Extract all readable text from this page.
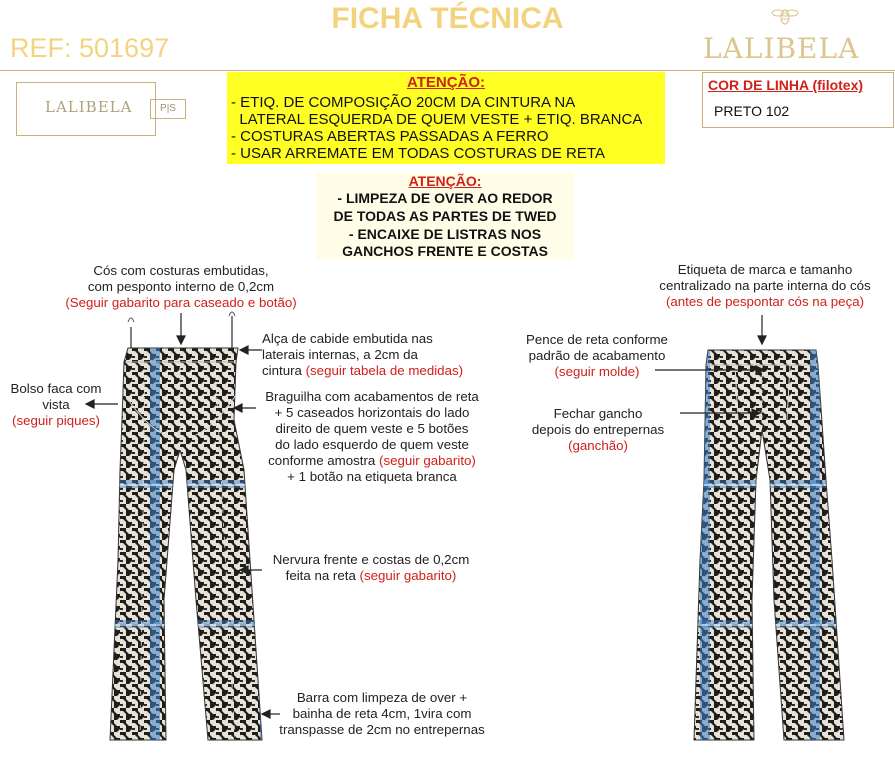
FICHA TÉCNICA
REF: 501697	LALIBELA
LALIBELA	P|S
ATENÇÃO:
- ETIQ. DE COMPOSIÇÃO 20CM DA CINTURA NA
LATERAL ESQUERDA DE QUEM VESTE + ETIQ. BRANCA
- COSTURAS ABERTAS PASSADAS A FERRO
- USAR ARREMATE EM TODAS COSTURAS DE RETA
COR DE LINHA (filotex)
PRETO 102
ATENÇÃO:
- LIMPEZA DE OVER AO REDOR
DE TODAS AS PARTES DE TWED
- ENCAIXE DE LISTRAS NOS
GANCHOS FRENTE E COSTAS
Cós com costuras embutidas,
com pesponto interno de 0,2cm
(Seguir gabarito para caseado e botão)
Alça de cabide embutida nas
laterais internas, a 2cm da
cintura (seguir tabela de medidas)
Bolso faca com
vista
(seguir piques)
Braguilha com acabamentos de reta
+ 5 caseados horizontais do lado
direito de quem veste e 5 botões
do lado esquerdo de quem veste
conforme amostra (seguir gabarito)
+ 1 botão na etiqueta branca
Nervura frente e costas de 0,2cm
feita na reta (seguir gabarito)
Barra com limpeza de over +
bainha de reta 4cm, 1vira com
transpasse de 2cm no entrepernas
Etiqueta de marca e tamanho
centralizado na parte interna do cós
(antes de pespontar cós na peça)
Pence de reta conforme
padrão de acabamento
(seguir molde)
Fechar gancho
depois do entrepernas
(ganchão)
